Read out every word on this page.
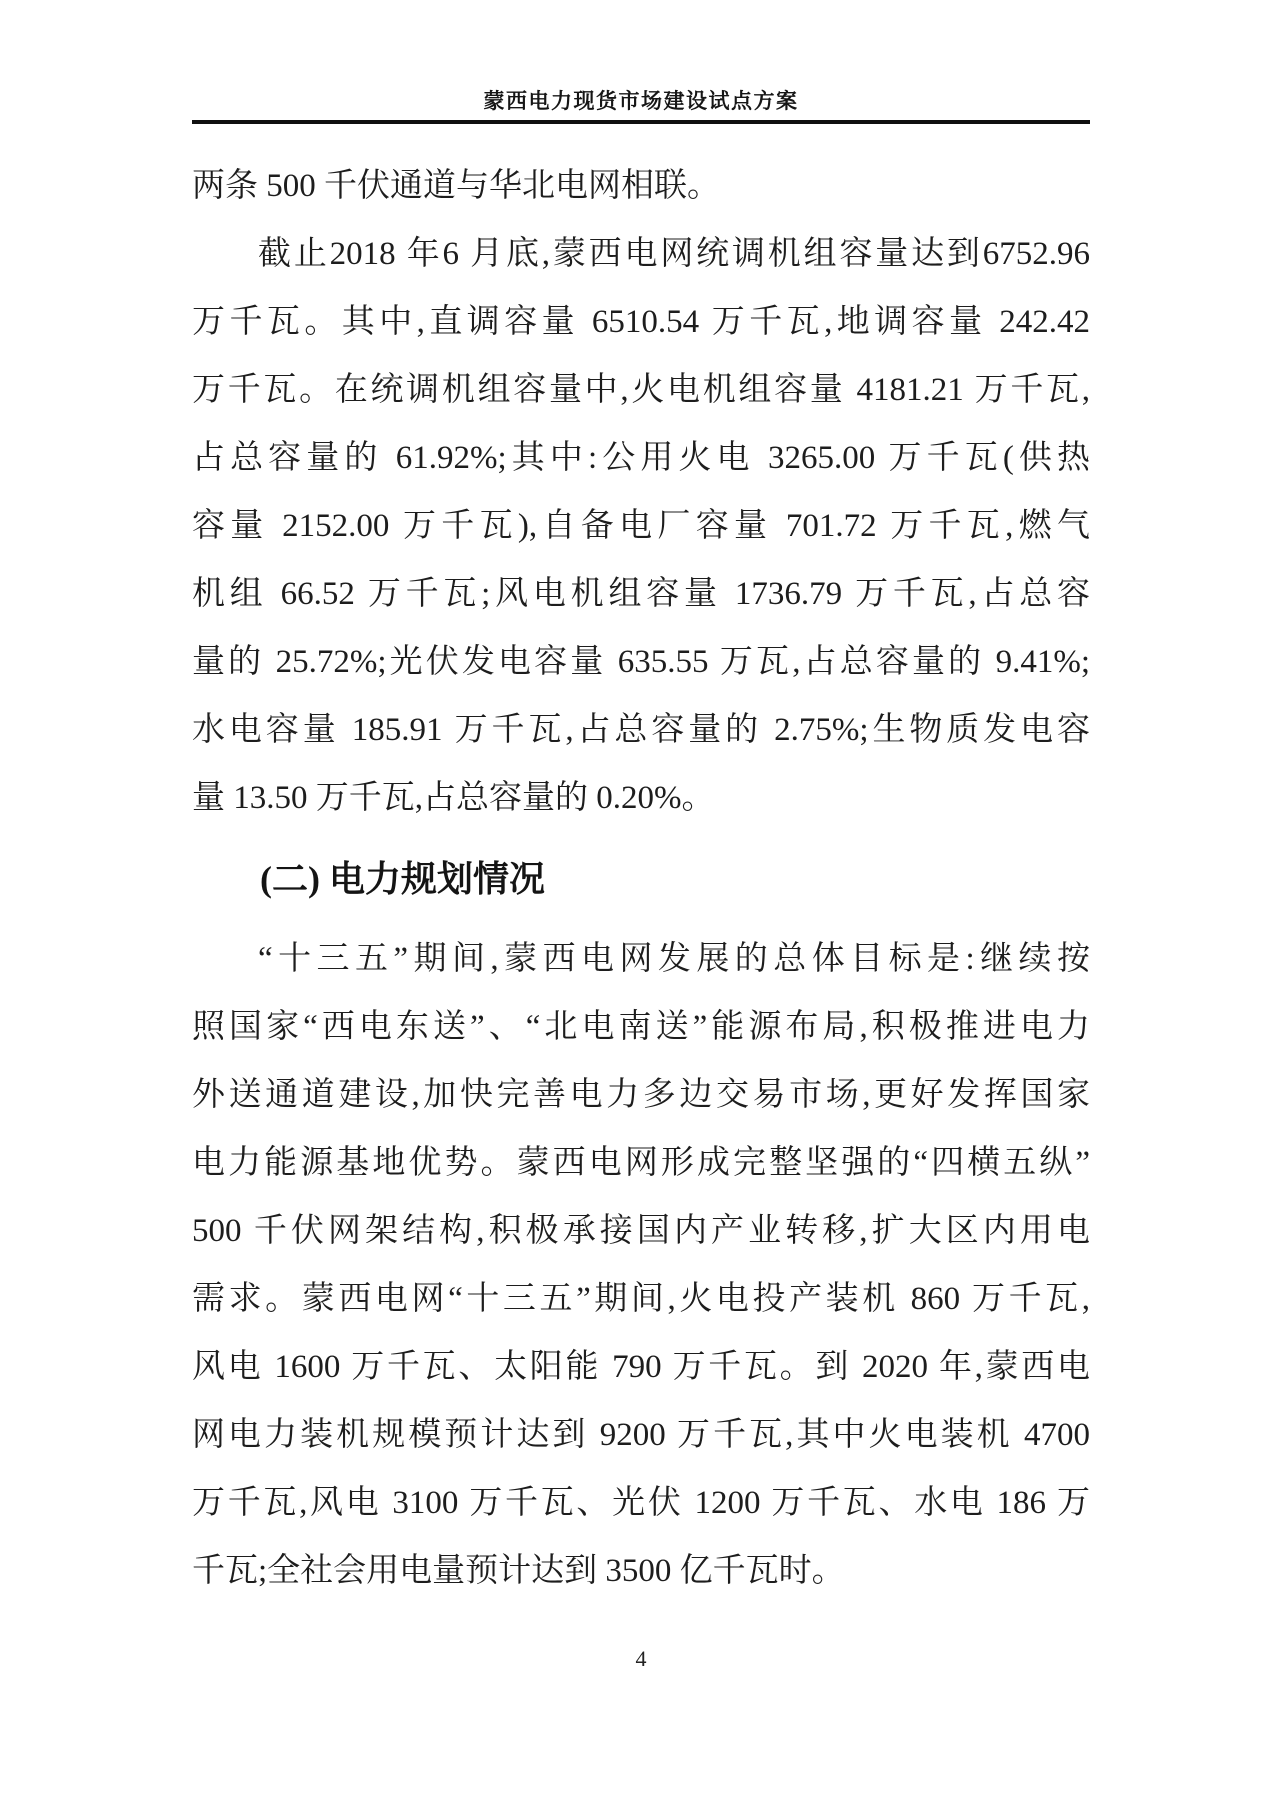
蒙西电力现货市场建设试点方案
两条 500 千伏通道与华北电网相联。
截止2018 年6 月底,蒙西电网统调机组容量达到6752.96
万千瓦。其中,直调容量 6510.54 万千瓦,地调容量 242.42
万千瓦。在统调机组容量中,火电机组容量 4181.21 万千瓦,
占总容量的 61.92%;其中:公用火电 3265.00 万千瓦(供热
容量 2152.00 万千瓦),自备电厂容量 701.72 万千瓦,燃气
机组 66.52 万千瓦;风电机组容量 1736.79 万千瓦,占总容
量的 25.72%;光伏发电容量 635.55 万瓦,占总容量的 9.41%;
水电容量 185.91 万千瓦,占总容量的 2.75%;生物质发电容
量 13.50 万千瓦,占总容量的 0.20%。
(二) 电力规划情况
“十三五”期间,蒙西电网发展的总体目标是:继续按
照国家“西电东送”、“北电南送”能源布局,积极推进电力
外送通道建设,加快完善电力多边交易市场,更好发挥国家
电力能源基地优势。蒙西电网形成完整坚强的“四横五纵”
500 千伏网架结构,积极承接国内产业转移,扩大区内用电
需求。蒙西电网“十三五”期间,火电投产装机 860 万千瓦,
风电 1600 万千瓦、太阳能 790 万千瓦。到 2020 年,蒙西电
网电力装机规模预计达到 9200 万千瓦,其中火电装机 4700
万千瓦,风电 3100 万千瓦、光伏 1200 万千瓦、水电 186 万
千瓦;全社会用电量预计达到 3500 亿千瓦时。
4
